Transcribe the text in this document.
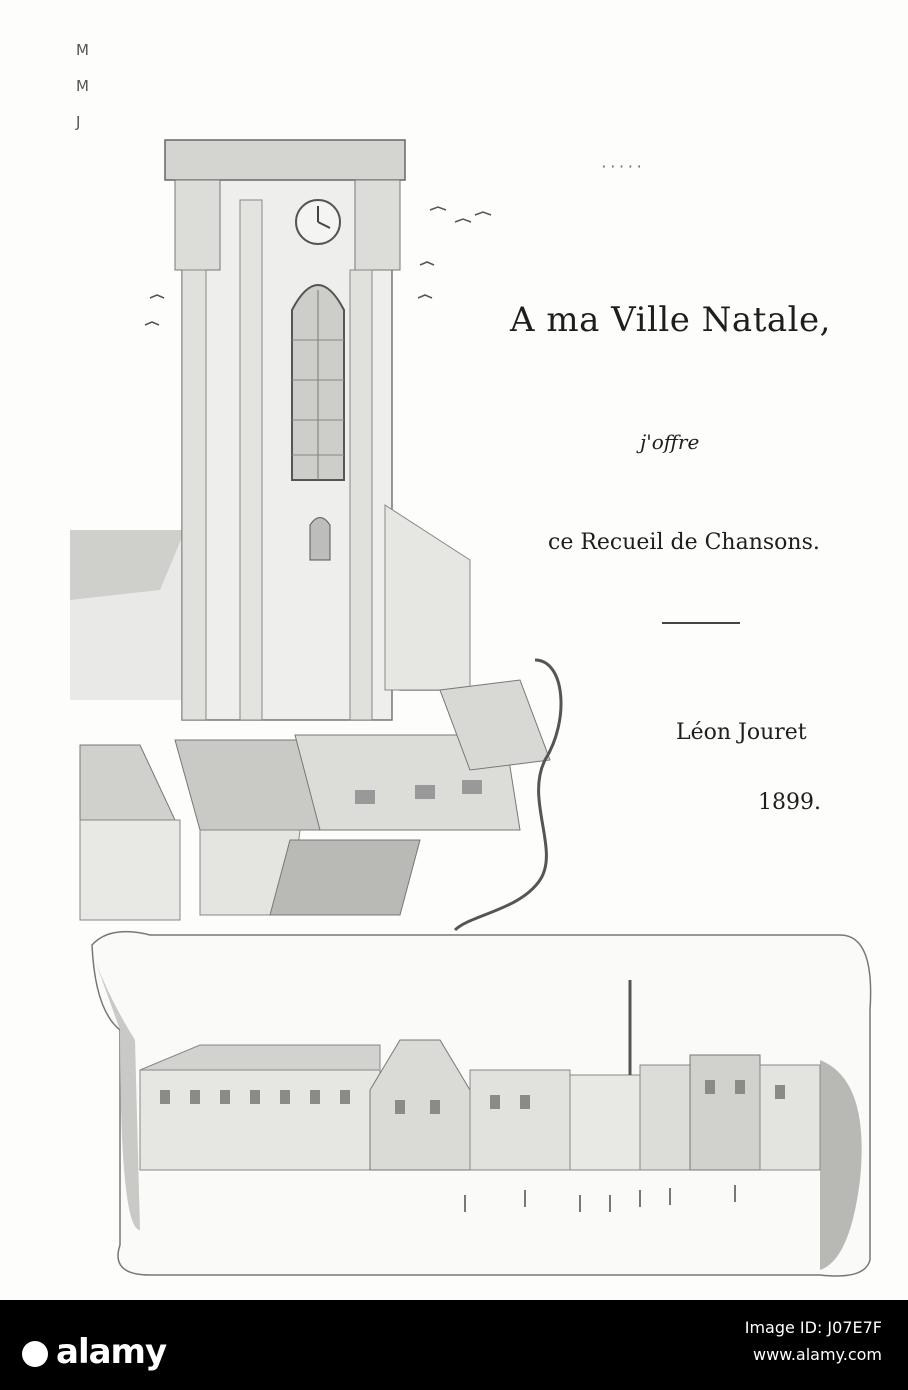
M
M
J
·····
A ma Ville Natale,
j'offre
ce Recueil de Chansons.
Léon Jouret
1899.
alamy
Image ID: J07E7F
www.alamy.com
